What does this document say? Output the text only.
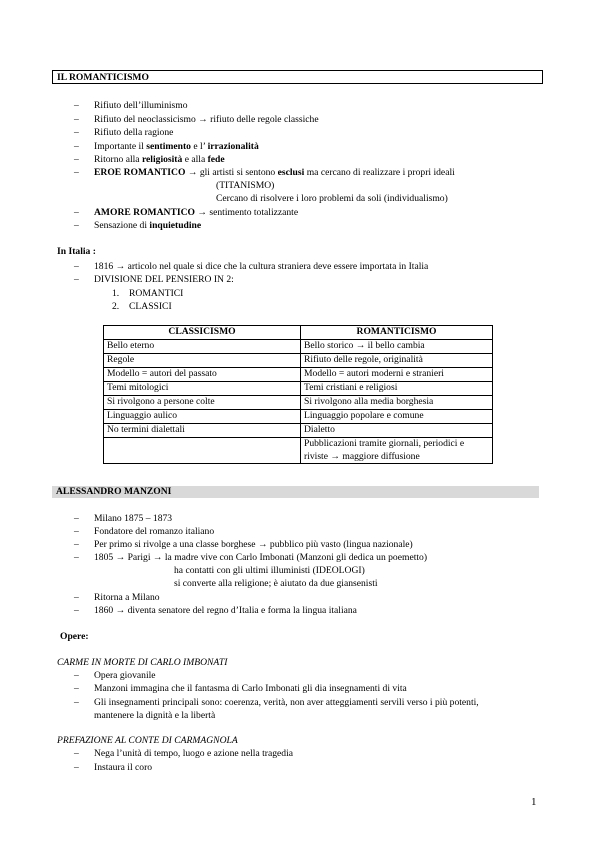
IL ROMANTICISMO
– Rifiuto dell’illuminismo
– Rifiuto del neoclassicismo → rifiuto delle regole classiche
– Rifiuto della ragione
– Importante il sentimento e l’ irrazionalità
– Ritorno alla religiosità e alla fede
– EROE ROMANTICO → gli artisti si sentono esclusi ma cercano di realizzare i propri ideali
(TITANISMO)
Cercano di risolvere i loro problemi da soli (individualismo)
– AMORE ROMANTICO → sentimento totalizzante
– Sensazione di inquietudine
In Italia :
– 1816 → articolo nel quale si dice che la cultura straniera deve essere importata in Italia
– DIVISIONE DEL PENSIERO IN 2:
1. ROMANTICI
2. CLASSICI
CLASSICISMO	ROMANTICISMO
Bello eterno	Bello storico → il bello cambia
Regole	Rifiuto delle regole, originalità
Modello = autori del passato	Modello = autori moderni e stranieri
Temi mitologici	Temi cristiani e religiosi
Si rivolgono a persone colte	Si rivolgono alla media borghesia
Linguaggio aulico	Linguaggio popolare e comune
No termini dialettali	Dialetto
	Pubblicazioni tramite giornali, periodici e
riviste → maggiore diffusione
ALESSANDRO MANZONI
– Milano 1875 – 1873
– Fondatore del romanzo italiano
– Per primo si rivolge a una classe borghese → pubblico più vasto (lingua nazionale)
– 1805 → Parigi → la madre vive con Carlo Imbonati (Manzoni gli dedica un poemetto)
ha contatti con gli ultimi illuministi (IDEOLOGI)
si converte alla religione; è aiutato da due giansenisti
– Ritorna a Milano
– 1860 → diventa senatore del regno d’Italia e forma la lingua italiana
Opere:
CARME IN MORTE DI CARLO IMBONATI
– Opera giovanile
– Manzoni immagina che il fantasma di Carlo Imbonati gli dia insegnamenti di vita
– Gli insegnamenti principali sono: coerenza, verità, non aver atteggiamenti servili verso i più potenti,
mantenere la dignità e la libertà
PREFAZIONE AL CONTE DI CARMAGNOLA
– Nega l’unità di tempo, luogo e azione nella tragedia
– Instaura il coro
1
